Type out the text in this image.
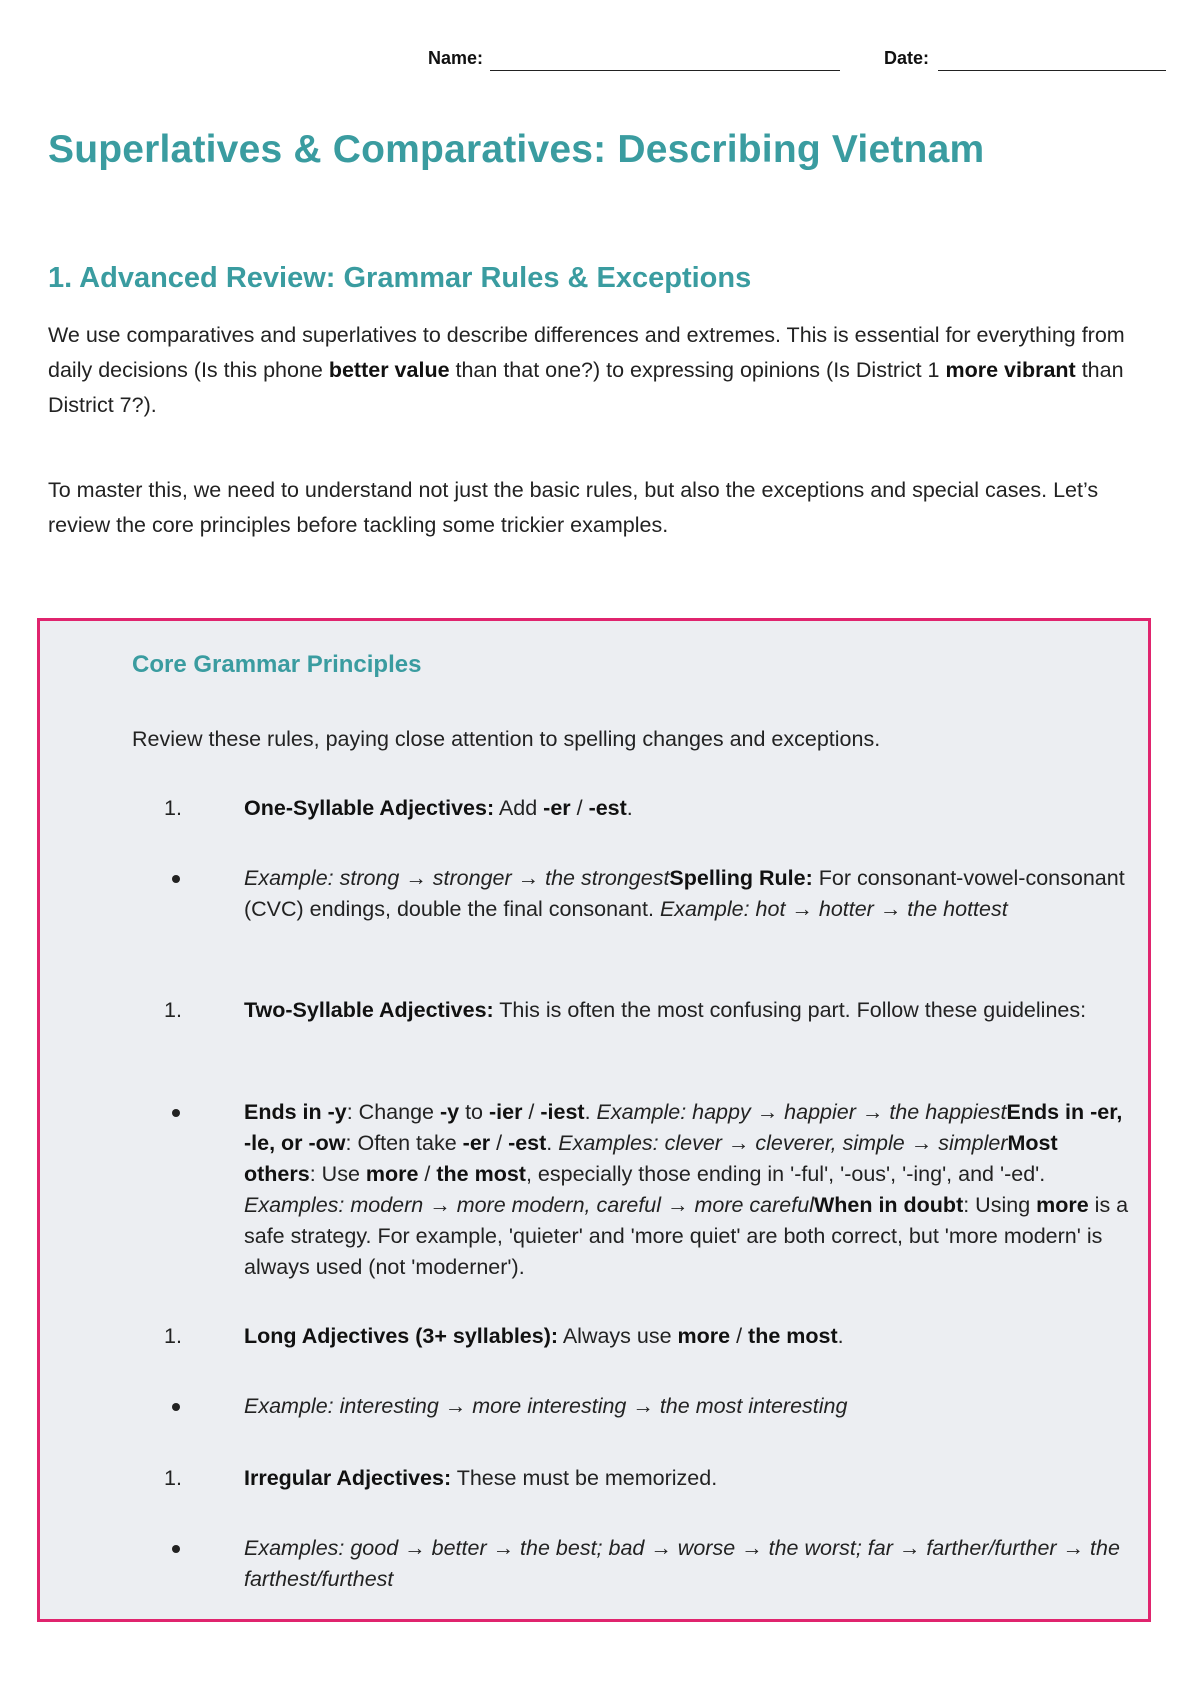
Name:	Date:
Superlatives & Comparatives: Describing Vietnam
1. Advanced Review: Grammar Rules & Exceptions

We use comparatives and superlatives to describe differences and extremes. This is essential for everything from daily decisions (Is this phone better value than that one?) to expressing opinions (Is District 1 more vibrant than District 7?).

To master this, we need to understand not just the basic rules, but also the exceptions and special cases. Let’s review the core principles before tackling some trickier examples.

Core Grammar Principles

Review these rules, paying close attention to spelling changes and exceptions.

1.	One-Syllable Adjectives: Add -er / -est.

Example: strong → stronger → the strongestSpelling Rule: For consonant-vowel-consonant (CVC) endings, double the final consonant. Example: hot → hotter → the hottest

1.	Two-Syllable Adjectives: This is often the most confusing part. Follow these guidelines:

Ends in -y: Change -y to -ier / -iest. Example: happy → happier → the happiestEnds in -er, -le, or -ow: Often take -er / -est. Examples: clever → cleverer, simple → simplerMost others: Use more / the most, especially those ending in '-ful', '-ous', '-ing', and '-ed'. Examples: modern → more modern, careful → more carefulWhen in doubt: Using more is a safe strategy. For example, 'quieter' and 'more quiet' are both correct, but 'more modern' is always used (not 'moderner').

1.	Long Adjectives (3+ syllables): Always use more / the most.

Example: interesting → more interesting → the most interesting

1.	Irregular Adjectives: These must be memorized.

Examples: good → better → the best; bad → worse → the worst; far → farther/further → the farthest/furthest
